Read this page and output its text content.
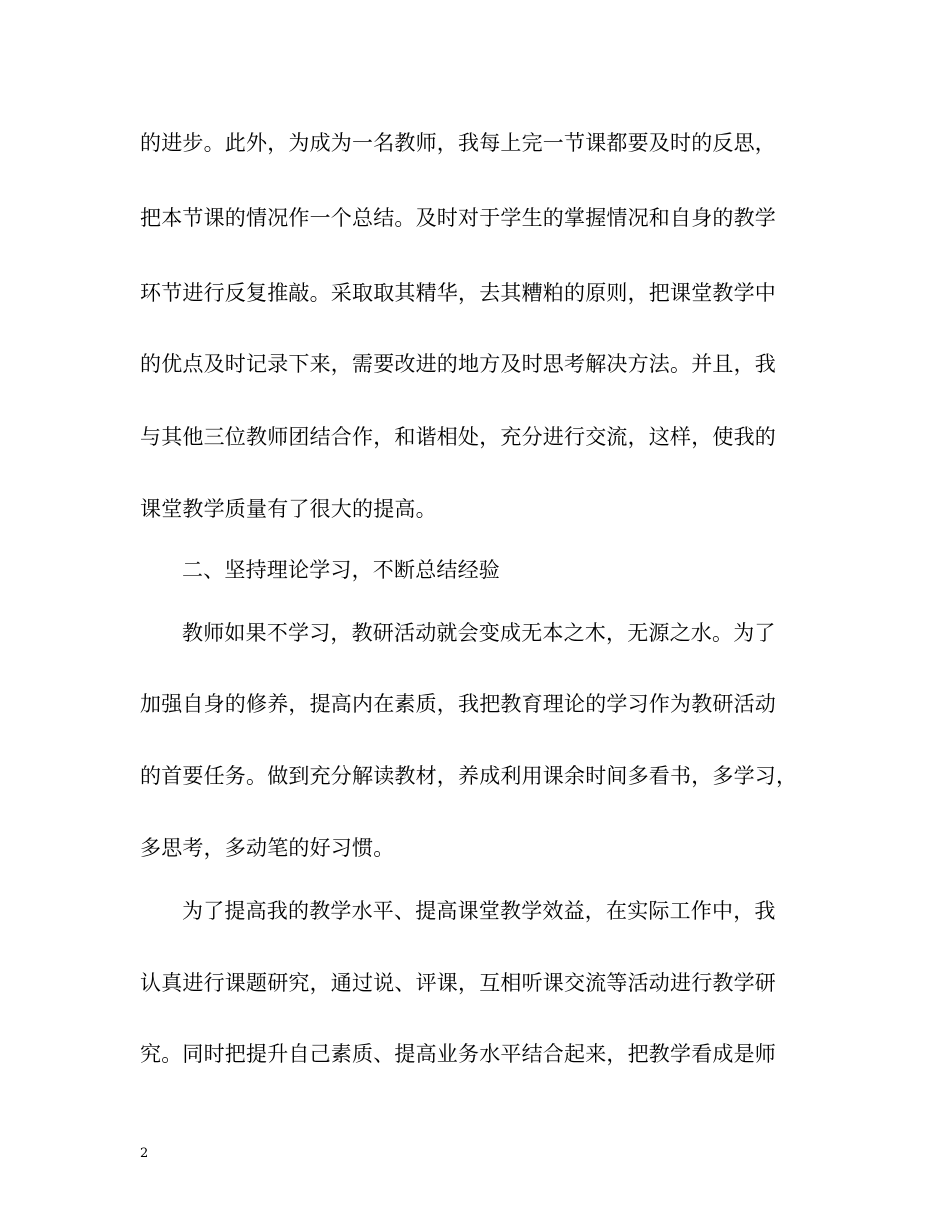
的进步。此外，为成为一名教师，我每上完一节课都要及时的反思，
把本节课的情况作一个总结。及时对于学生的掌握情况和自身的教学
环节进行反复推敲。采取取其精华，去其糟粕的原则，把课堂教学中
的优点及时记录下来，需要改进的地方及时思考解决方法。并且，我
与其他三位教师团结合作，和谐相处，充分进行交流，这样，使我的
课堂教学质量有了很大的提高。
二、坚持理论学习，不断总结经验
教师如果不学习，教研活动就会变成无本之木，无源之水。为了
加强自身的修养，提高内在素质，我把教育理论的学习作为教研活动
的首要任务。做到充分解读教材，养成利用课余时间多看书，多学习，
多思考，多动笔的好习惯。
为了提高我的教学水平、提高课堂教学效益，在实际工作中，我
认真进行课题研究，通过说、评课，互相听课交流等活动进行教学研
究。同时把提升自己素质、提高业务水平结合起来，把教学看成是师
2
